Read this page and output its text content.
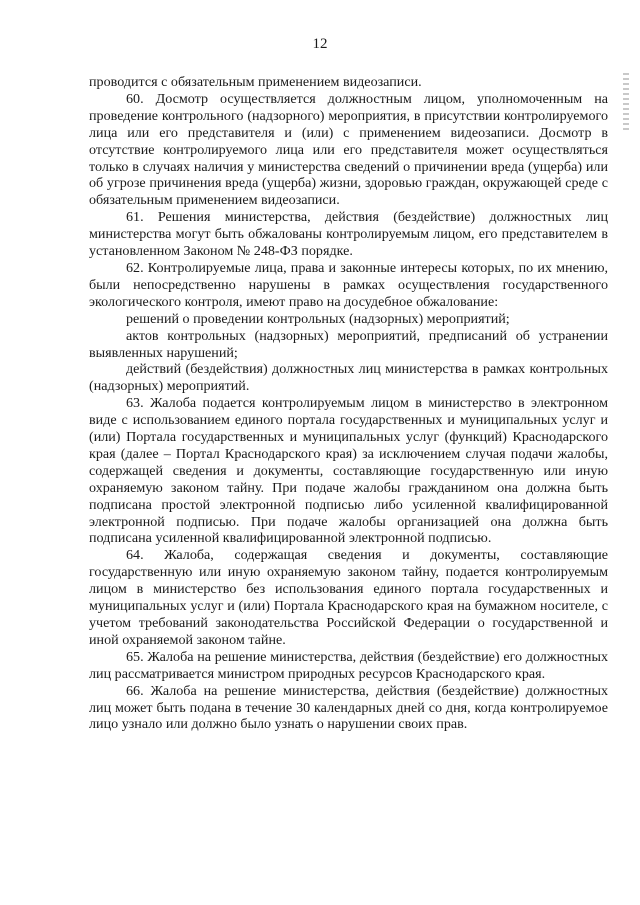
12

проводится с обязательным применением видеозаписи.

60. Досмотр осуществляется должностным лицом, уполномоченным на проведение контрольного (надзорного) мероприятия, в присутствии контролируемого лица или его представителя и (или) с применением видеозаписи. Досмотр в отсутствие контролируемого лица или его представителя может осуществляться только в случаях наличия у министерства сведений о причинении вреда (ущерба) или об угрозе причинения вреда (ущерба) жизни, здоровью граждан, окружающей среде с обязательным применением видеозаписи.

61. Решения министерства, действия (бездействие) должностных лиц министерства могут быть обжалованы контролируемым лицом, его представителем в установленном Законом № 248-ФЗ порядке.

62. Контролируемые лица, права и законные интересы которых, по их мнению, были непосредственно нарушены в рамках осуществления государственного экологического контроля, имеют право на досудебное обжалование:

решений о проведении контрольных (надзорных) мероприятий;

актов контрольных (надзорных) мероприятий, предписаний об устранении выявленных нарушений;

действий (бездействия) должностных лиц министерства в рамках контрольных (надзорных) мероприятий.

63. Жалоба подается контролируемым лицом в министерство в электронном виде с использованием единого портала государственных и муниципальных услуг и (или) Портала государственных и муниципальных услуг (функций) Краснодарского края (далее – Портал Краснодарского края) за исключением случая подачи жалобы, содержащей сведения и документы, составляющие государственную или иную охраняемую законом тайну. При подаче жалобы гражданином она должна быть подписана простой электронной подписью либо усиленной квалифицированной электронной подписью. При подаче жалобы организацией она должна быть подписана усиленной квалифицированной электронной подписью.

64. Жалоба, содержащая сведения и документы, составляющие государственную или иную охраняемую законом тайну, подается контролируемым лицом в министерство без использования единого портала государственных и муниципальных услуг и (или) Портала Краснодарского края на бумажном носителе, с учетом требований законодательства Российской Федерации о государственной и иной охраняемой законом тайне.

65. Жалоба на решение министерства, действия (бездействие) его должностных лиц рассматривается министром природных ресурсов Краснодарского края.

66. Жалоба на решение министерства, действия (бездействие) должностных лиц может быть подана в течение 30 календарных дней со дня, когда контролируемое лицо узнало или должно было узнать о нарушении своих прав.
